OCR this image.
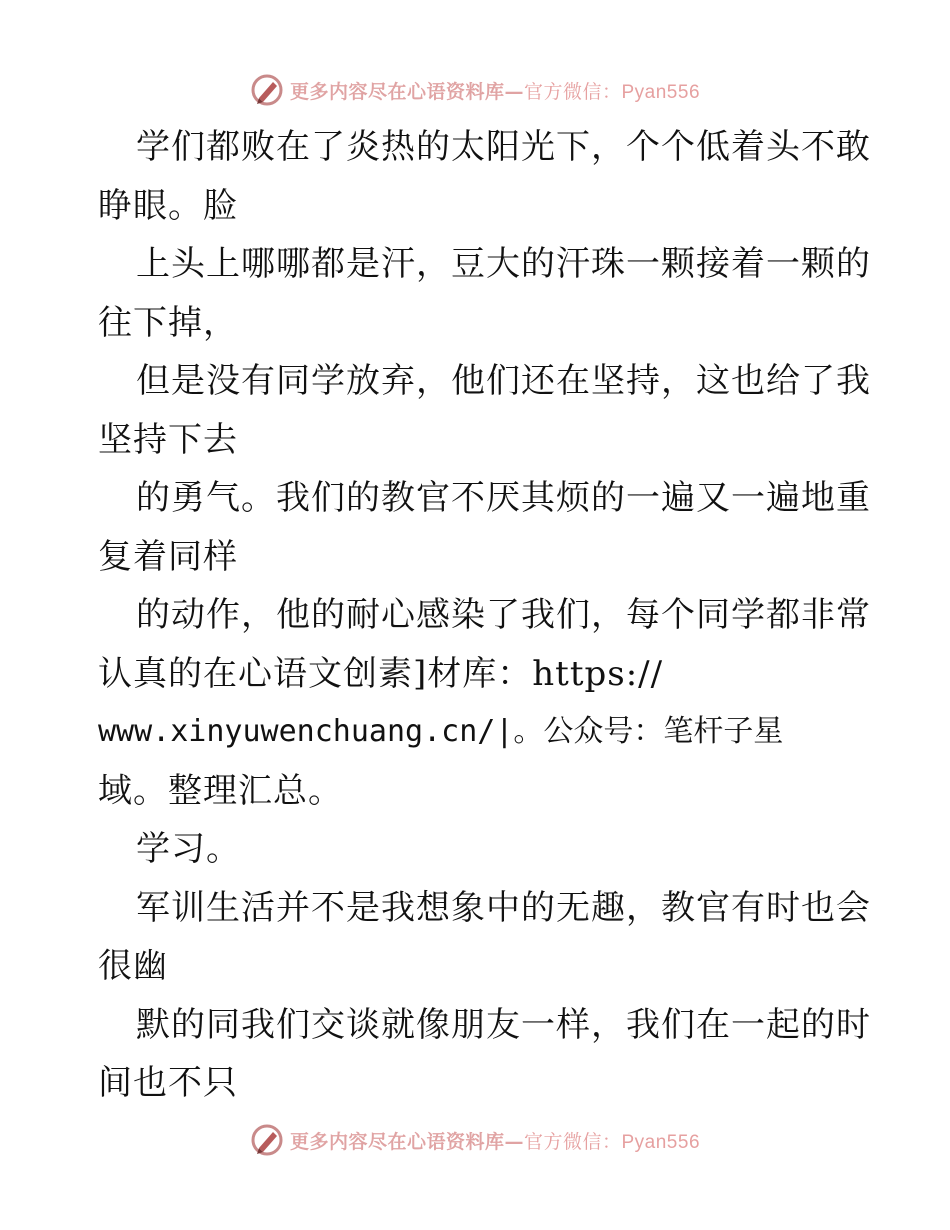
更多内容尽在心语资料库—官方微信：Pyan556
学们都败在了炎热的太阳光下，个个低着头不敢
睁眼。脸
上头上哪哪都是汗，豆大的汗珠一颗接着一颗的
往下掉，
但是没有同学放弃，他们还在坚持，这也给了我
坚持下去
的勇气。我们的教官不厌其烦的一遍又一遍地重
复着同样
的动作，他的耐心感染了我们，每个同学都非常
认真的在心语文创素]材库：https://
www.xinyuwenchuang.cn/|。公众号：笔杆子星
域。整理汇总。
学习。
军训生活并不是我想象中的无趣，教官有时也会
很幽
默的同我们交谈就像朋友一样，我们在一起的时
间也不只
更多内容尽在心语资料库—官方微信：Pyan556
